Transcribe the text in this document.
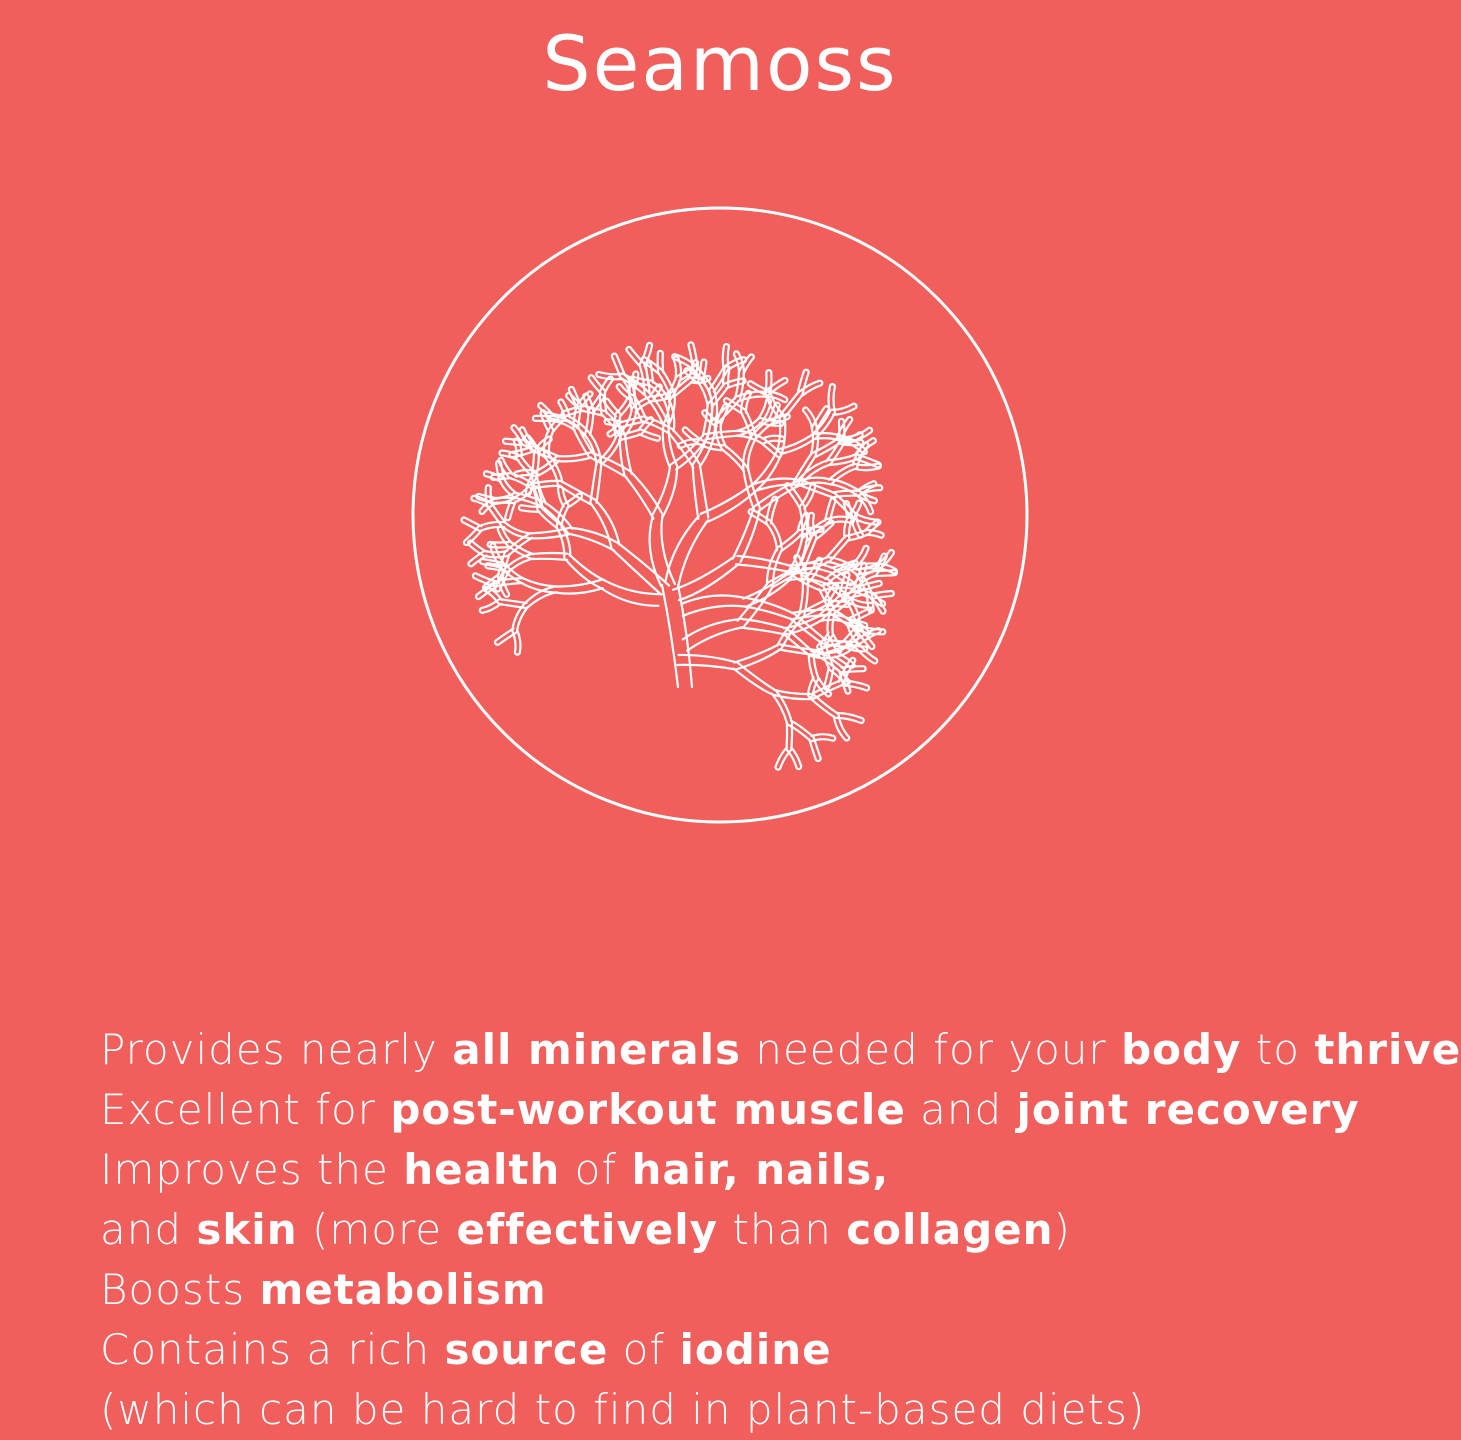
Seamoss
Provides nearly all minerals needed for your body to thrive
Excellent for post-workout muscle and joint recovery
Improves the health of hair, nails,
and skin (more effectively than collagen)
Boosts metabolism
Contains a rich source of iodine
(which can be hard to find in plant-based diets)
